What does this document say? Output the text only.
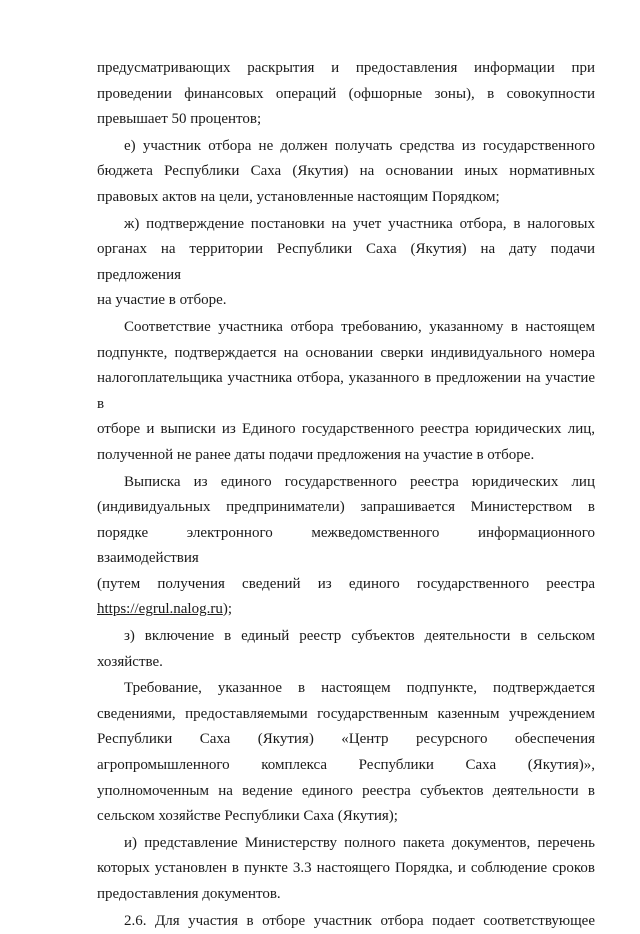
предусматривающих раскрытия и предоставления информации при
проведении финансовых операций (офшорные зоны), в совокупности
превышает 50 процентов;
е) участник отбора не должен получать средства из государственного
бюджета Республики Саха (Якутия) на основании иных нормативных
правовых актов на цели, установленные настоящим Порядком;
ж) подтверждение постановки на учет участника отбора, в налоговых
органах на территории Республики Саха (Якутия) на дату подачи предложения
на участие в отборе.
Соответствие участника отбора требованию, указанному в настоящем
подпункте, подтверждается на основании сверки индивидуального номера
налогоплательщика участника отбора, указанного в предложении на участие в
отборе и выписки из Единого государственного реестра юридических лиц,
полученной не ранее даты подачи предложения на участие в отборе.
Выписка из единого государственного реестра юридических лиц
(индивидуальных предприниматели) запрашивается Министерством в
порядке электронного межведомственного информационного взаимодействия
(путем получения сведений из единого государственного реестра
https://egrul.nalog.ru);
з) включение в единый реестр субъектов деятельности в сельском
хозяйстве.
Требование, указанное в настоящем подпункте, подтверждается
сведениями, предоставляемыми государственным казенным учреждением
Республики Саха (Якутия) «Центр ресурсного обеспечения
агропромышленного комплекса Республики Саха (Якутия)»,
уполномоченным на ведение единого реестра субъектов деятельности в
сельском хозяйстве Республики Саха (Якутия);
и) представление Министерству полного пакета документов, перечень
которых установлен в пункте 3.3 настоящего Порядка, и соблюдение сроков
предоставления документов.
2.6. Для участия в отборе участник отбора подает соответствующее
